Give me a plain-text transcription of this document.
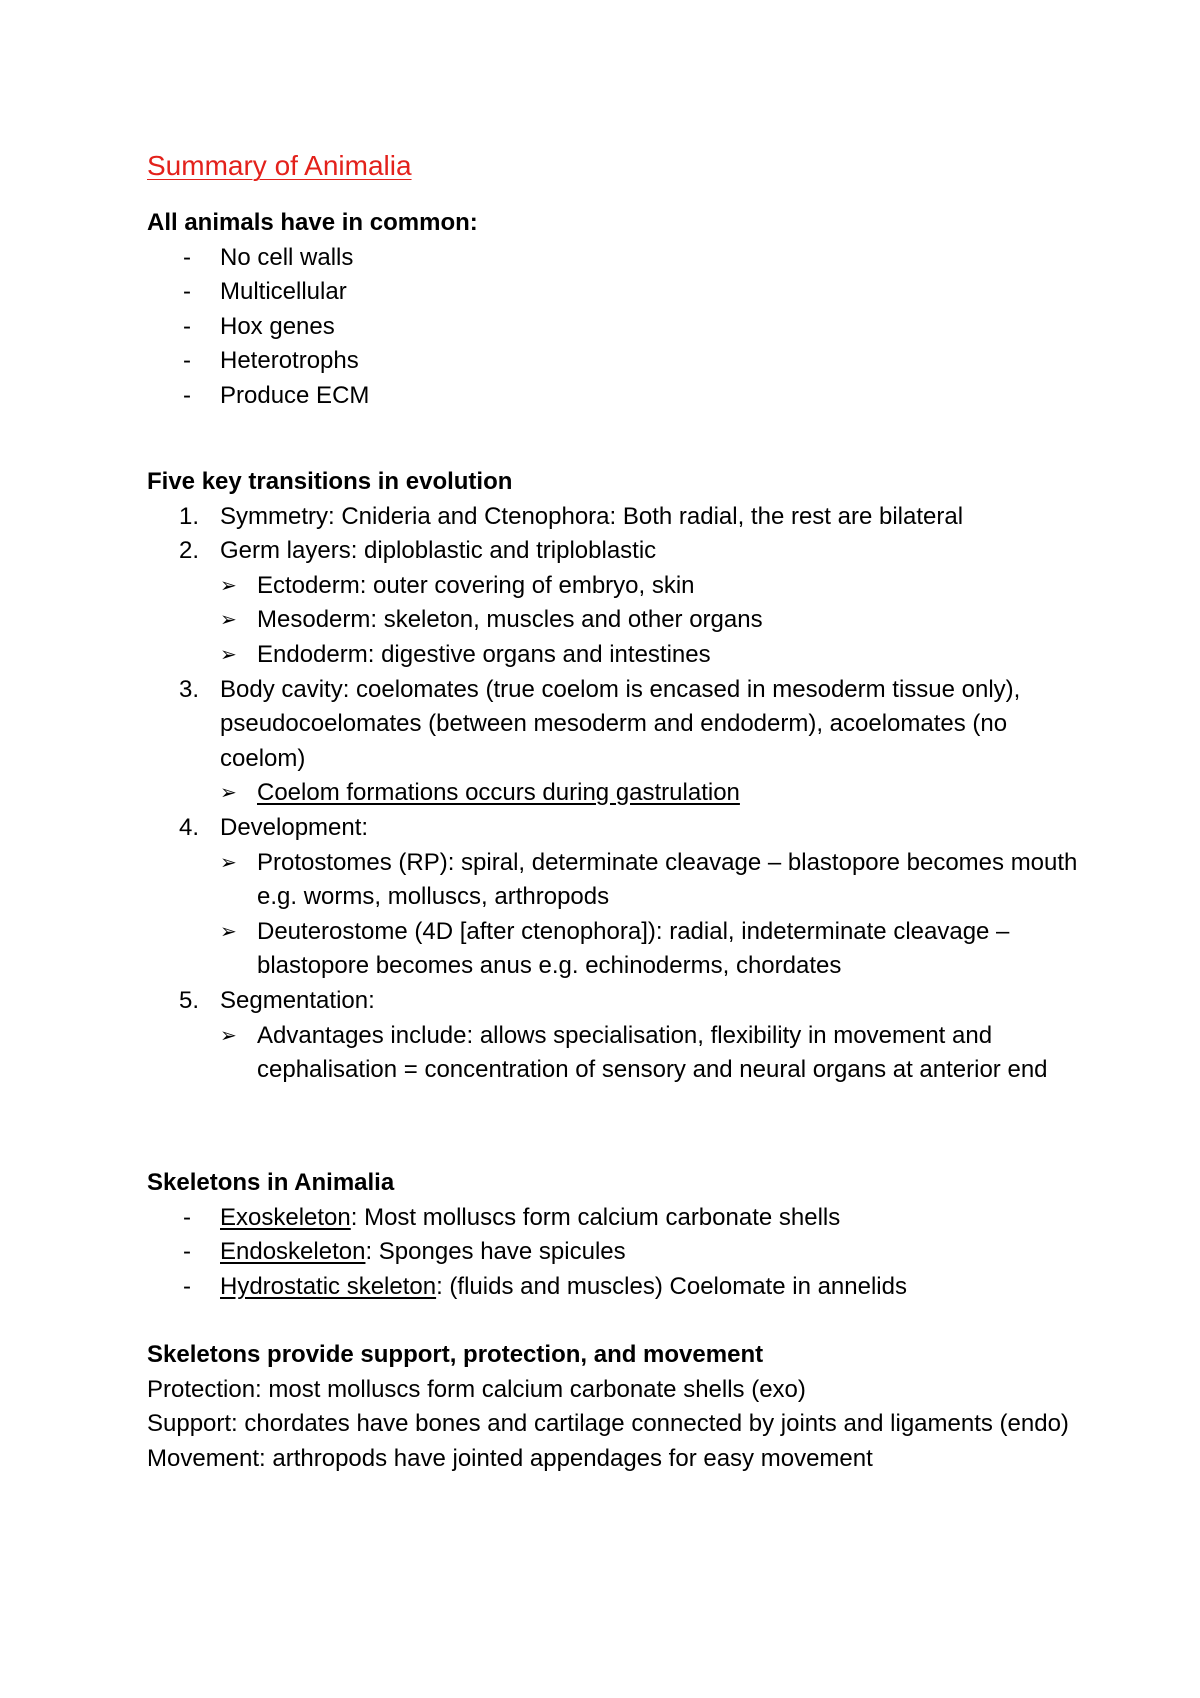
Summary of Animalia
All animals have in common:
-	No cell walls
-	Multicellular
-	Hox genes
-	Heterotrophs
-	Produce ECM
Five key transitions in evolution
1. Symmetry: Cnideria and Ctenophora: Both radial, the rest are bilateral
2. Germ layers: diploblastic and triploblastic
➢ Ectoderm: outer covering of embryo, skin
➢ Mesoderm: skeleton, muscles and other organs
➢ Endoderm: digestive organs and intestines
3. Body cavity: coelomates (true coelom is encased in mesoderm tissue only), pseudocoelomates (between mesoderm and endoderm), acoelomates (no coelom)
➢ Coelom formations occurs during gastrulation
4. Development:
➢ Protostomes (RP): spiral, determinate cleavage – blastopore becomes mouth e.g. worms, molluscs, arthropods
➢ Deuterostome (4D [after ctenophora]): radial, indeterminate cleavage – blastopore becomes anus e.g. echinoderms, chordates
5. Segmentation:
➢ Advantages include: allows specialisation, flexibility in movement and cephalisation = concentration of sensory and neural organs at anterior end
Skeletons in Animalia
-	Exoskeleton: Most molluscs form calcium carbonate shells
-	Endoskeleton: Sponges have spicules
-	Hydrostatic skeleton: (fluids and muscles) Coelomate in annelids
Skeletons provide support, protection, and movement
Protection: most molluscs form calcium carbonate shells (exo)
Support: chordates have bones and cartilage connected by joints and ligaments (endo)
Movement: arthropods have jointed appendages for easy movement
